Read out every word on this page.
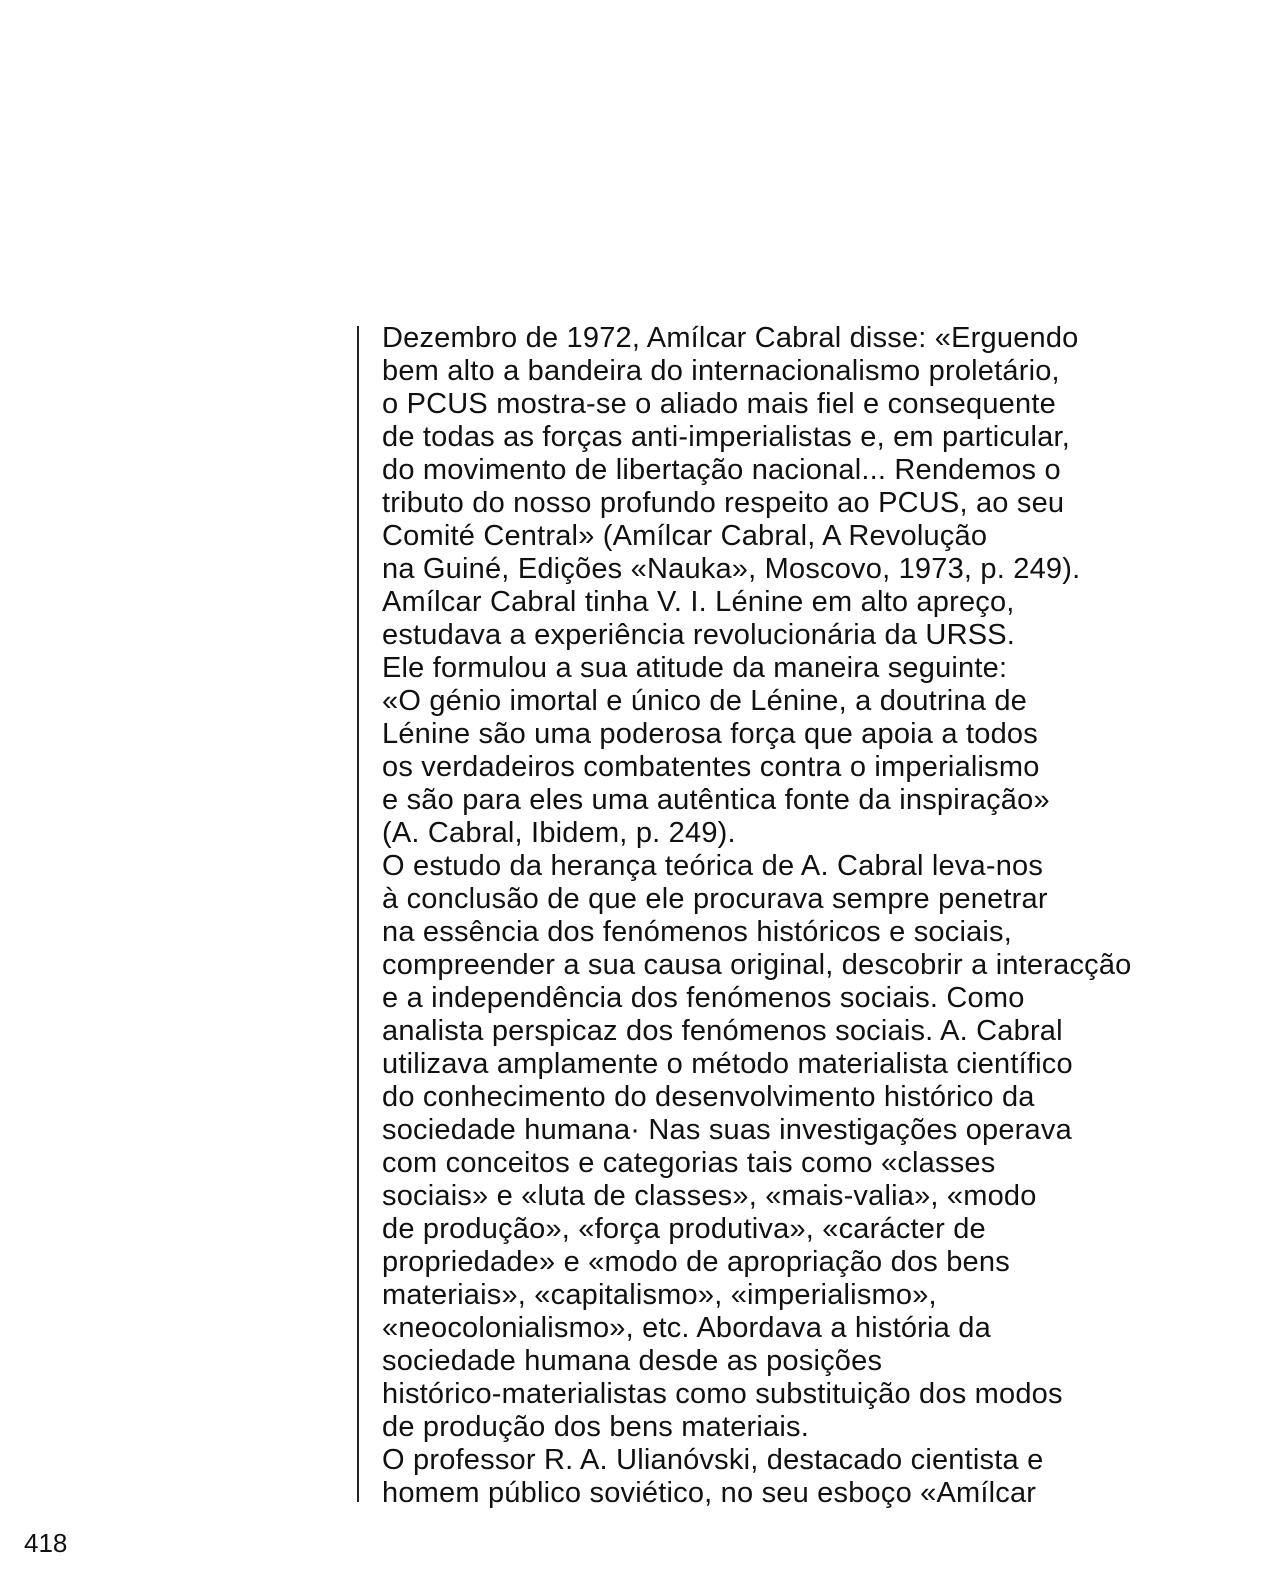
Dezembro de 1972, Amílcar Cabral disse: «Erguendo
bem alto a bandeira do internacionalismo proletário,
o PCUS mostra-se o aliado mais fiel e consequente
de todas as forças anti-imperialistas e, em particular,
do movimento de libertação nacional... Rendemos o
tributo do nosso profundo respeito ao PCUS, ao seu
Comité Central» (Amílcar Cabral, A Revolução
na Guiné, Edições «Nauka», Moscovo, 1973, p. 249).
Amílcar Cabral tinha V. I. Lénine em alto apreço,
estudava a experiência revolucionária da URSS.
Ele formulou a sua atitude da maneira seguinte:
«O génio imortal e único de Lénine, a doutrina de
Lénine são uma poderosa força que apoia a todos
os verdadeiros combatentes contra o imperialismo
e são para eles uma autêntica fonte da inspiração»
(A. Cabral, Ibidem, p. 249).
O estudo da herança teórica de A. Cabral leva-nos
à conclusão de que ele procurava sempre penetrar
na essência dos fenómenos históricos e sociais,
compreender a sua causa original, descobrir a interacção
e a independência dos fenómenos sociais. Como
analista perspicaz dos fenómenos sociais. A. Cabral
utilizava amplamente o método materialista científico
do conhecimento do desenvolvimento histórico da
sociedade humana· Nas suas investigações operava
com conceitos e categorias tais como «classes
sociais» e «luta de classes», «mais-valia», «modo
de produção», «força produtiva», «carácter de
propriedade» e «modo de apropriação dos bens
materiais», «capitalismo», «imperialismo»,
«neocolonialismo», etc. Abordava a história da
sociedade humana desde as posições
histórico-materialistas como substituição dos modos
de produção dos bens materiais.
O professor R. A. Ulianóvski, destacado cientista e
homem público soviético, no seu esboço «Amílcar
418
